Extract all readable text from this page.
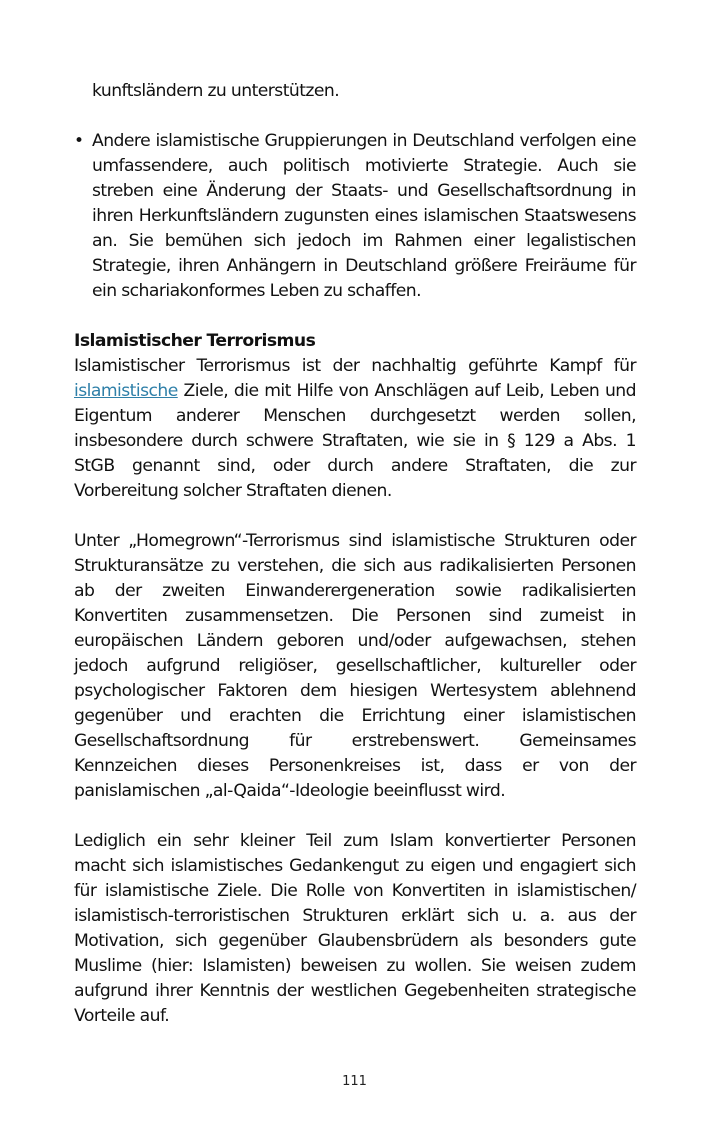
kunftsländern zu unterstützen.

• Andere islamistische Gruppierungen in Deutschland verfolgen eine umfassendere, auch politisch motivierte Strategie. Auch sie streben eine Änderung der Staats- und Gesellschaftsordnung in ihren Herkunftsländern zugunsten eines islamischen Staatswesens an. Sie bemühen sich jedoch im Rahmen einer legalistischen Strategie, ihren Anhängern in Deutschland größere Freiräume für ein schariakonformes Leben zu schaffen.

Islamistischer Terrorismus

Islamistischer Terrorismus ist der nachhaltig geführte Kampf für islamistische Ziele, die mit Hilfe von Anschlägen auf Leib, Leben und Eigentum anderer Menschen durchgesetzt werden sollen, insbesondere durch schwere Straftaten, wie sie in § 129 a Abs. 1 StGB genannt sind, oder durch andere Straftaten, die zur Vorbereitung solcher Straftaten dienen.

Unter „Homegrown“-Terrorismus sind islamistische Strukturen oder Strukturansätze zu verstehen, die sich aus radikalisierten Personen ab der zweiten Einwanderergeneration sowie radikalisierten Konvertiten zusammensetzen. Die Personen sind zumeist in europäischen Ländern geboren und/oder aufgewachsen, stehen jedoch aufgrund religiöser, gesellschaftlicher, kultureller oder psychologischer Faktoren dem hiesigen Wertesystem ablehnend gegenüber und erachten die Errichtung einer islamistischen Gesellschaftsordnung für erstrebenswert. Gemeinsames Kennzeichen dieses Personenkreises ist, dass er von der panislamischen „al-Qaida“-Ideologie beeinflusst wird.

Lediglich ein sehr kleiner Teil zum Islam konvertierter Personen macht sich islamistisches Gedankengut zu eigen und engagiert sich für islamistische Ziele. Die Rolle von Konvertiten in islamistischen/ islamistisch-terroristischen Strukturen erklärt sich u. a. aus der Motivation, sich gegenüber Glaubensbrüdern als besonders gute Muslime (hier: Islamisten) beweisen zu wollen. Sie weisen zudem aufgrund ihrer Kenntnis der westlichen Gegebenheiten strategische Vorteile auf.

111
